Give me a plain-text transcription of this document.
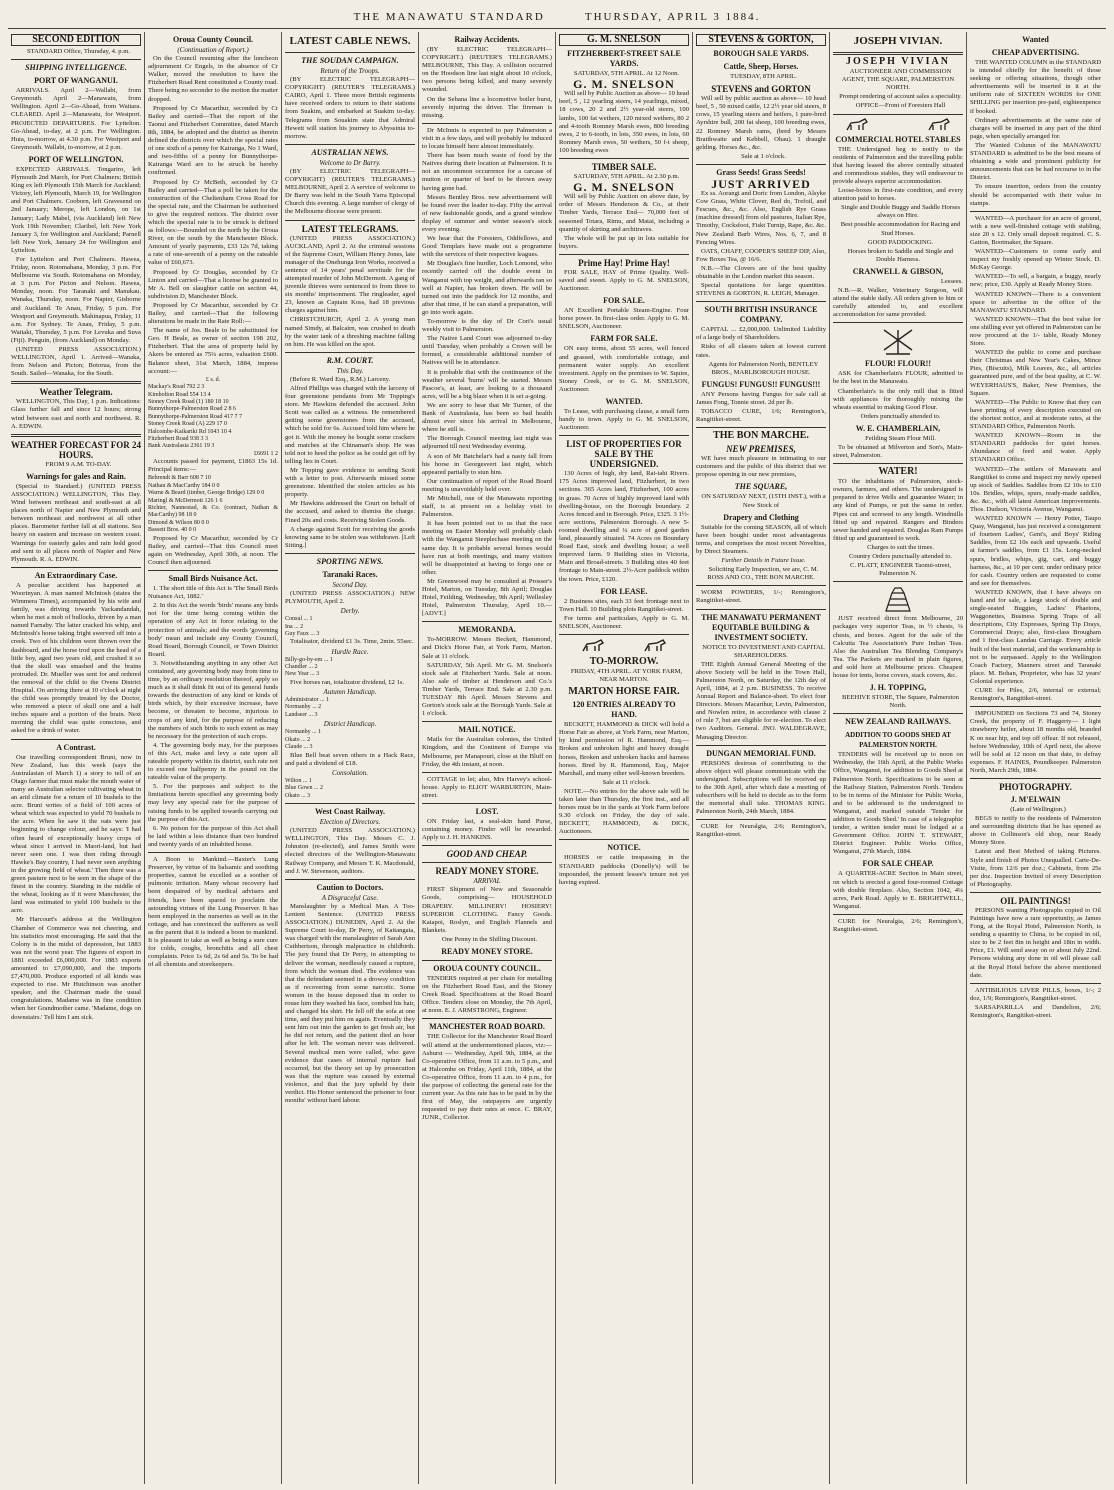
THE MANAWATU STANDARD	THURSDAY, APRIL 3 1884.
SECOND EDITION

STANDARD Office, Thursday, 4. p.m.

SHIPPING INTELLIGENCE.
PORT OF WANGANUI.

ARRIVALS. April 2—Wallabi, from Greymouth. April 2—Manawatu, from Wellington. April 2—Go-Ahead, from Waitara. CLEARED. April 2—Manawatu, for Westport. PROJECTED DEPARTURES. For Lyttelton. Go-Ahead, to-day, at 2 p.m. For Wellington. Huia, to-morrow, at 4.30 p.m. For Westport and Greymouth. Wallabi, to-morrow, at 2 p.m.

PORT OF WELLINGTON.

EXPECTED ARRIVALS. Tongariro, left Plymouth 2nd March, for Port Chalmers; British King ex left Plymouth 15th March for Auckland; Victory, left Plymouth, March 19, for Wellington and Port Chalmers. Cooborn, left Gravesend on 2nd January; Merope, left London, on 1st January; Lady Mabel, (via Auckland) left New York 19th November; Claribel, left New York January 3, for Wellington and Auckland; Parnell left New York, January 24 for Wellington and Lyttelton.

For Lyttelton and Port Chalmers. Hawea, Friday, noon. Rotomahana, Monday, 3 p.m. For Melbourne via South. Rotomahana on Monday, at 3 p.m. For Picton and Nelson. Hawea, Monday, noon. For Taranaki and Manukau. Wanaka, Thursday, noon. For Napier, Gisborne and Auckland. Te Anau, Friday, 5 p.m. For Westport and Greymouth. Mahinapua, Friday, 11 a.m. For Sydney. Te Anau, Friday, 5 p.m. Waitaki, Thursday, 5 p.m. For Levuka and Suva (Fiji). Penguin, (from Auckland) on Monday.

(UNITED PRESS ASSOCIATION.) WELLINGTON, April 1. Arrived—Wanaka, from Nelson and Picton; Botorua, from the South. Sailed—Wanaka, for the South.

Weather Telegram.

WELLINGTON, This Day, 1 p.m. Indications: Glass further fall and since 12 hours; strong wind between east and north and northwest. R. A. EDWIN.

WEATHER FORECAST FOR 24 HOURS.

FROM 9 A.M. TO-DAY.

Warnings for gales and Rain.

(Special to Standard.) (UNITED PRESS ASSOCIATION.) WELLINGTON, This Day. Wind between northeast and south-east at all places north of Napier and New Plymouth and between northeast and northwest at all other places. Barometer further fall at all stations. Sea heavy on eastern and increase on western coast. Warnings for easterly gales and rain hold good and sent to all places north of Napier and New Plymouth. R. A. EDWIN.

An Extraordinary Case.

A peculiar accident has happened at Woorinyan. A man named McIntosh (states the Wimmera Times), accompanied by his wife and family, was driving towards Yackandandah, when he met a mob of bullocks, driven by a man named Farnaby. The latter cracked his whip, and McIntosh's horse taking fright swerved off into a creek. Two of his children were thrown over the dashboard, and the horse trod upon the head of a little boy, aged two years old, and crushed it so that the skull was smashed and the brains protruded. Dr. Mueller was sent for and ordered the removal of the child to the Ovens District Hospital. On arriving there at 10 o'clock at night the child was promptly treated by the Doctor, who removed a piece of skull one and a half inches square and a portion of the brain. Next morning the child was quite conscious, and asked for a drink of water.

A Contrast.

Our travelling correspondent Bruni, now in New Zealand, has this week (says the Australasian of March 1) a story to tell of an Otago farmer that must make the mouth water of many an Australian selector cultivating wheat in an arid climate for a return of 10 bushels to the acre. Bruni writes of a field of 100 acres of wheat which was expected to yield 70 bushels to the acre. When he saw it the oats were just beginning to change colour, and he says: 'I had often heard of exceptionally heavy crops of wheat since I arrived in Maori-land, but had never seen one. I was then riding through Hawke's Bay country, I had never seen anything in the growing field of wheat.' Then there was a green pasture next to be seen in the shape of the finest in the country. Standing in the middle of the wheat, looking as if it were Manchester, the land was estimated to yield 100 bushels to the acre.

Mr Harcourt's address at the Wellington Chamber of Commerce was not cheering, and his statistics most encouraging. He said that the Colony is in the midst of depression, but 1883 was not the worst year. The figures of export in 1881 exceeded £6,000,000. For 1883 exports amounted to £7,090,000, and the imports £7,470,000. Produce exported of all kinds was expected to rise. Mr Hutchinson was another speaker, and the Chairman made the usual congratulations. Madame was in fine condition when her Grandmother came. 'Madame, dogs on downstairs.' Tell him I am sick.

Oroua County Council.
(Continuation of Report.)

On the Council resuming after the luncheon adjournment Cr Engels, in the absence of Cr Walker, moved the resolution to have the Fitzherbert Road Rent constituted a County road. There being no seconder to the motion the matter dropped.

Proposed by Cr Macarthur, seconded by Cr Bailey and carried—That the report of the Taonui and Fitzherbert Committee, dated March 8th, 1884, be adopted and the district as therein defined the districts over which the special rates of one sixth of a penny for Kairanga, No 1 Ward, and two-fifths of a penny for Bunnythorpe-Kairanga Ward are to be struck be hereby confirmed.

Proposed by Cr McBeth, seconded by Cr Bailey and carried—That a poll be taken for the construction of the Cheltenham Cross Road for the special rate, and the Chairman be authorised to give the required notices. The district over which the special rate is to be struck is defined as follows:—Bounded on the north by the Oroua River, on the south by the Manchester Block. Amount of yearly payments, £33 12s 7d, taking a rate of one-seventh of a penny on the rateable value of £60,673.

Proposed by Cr Douglas, seconded by Cr Linton and carried—That a license be granted to Mr A. Bell on slaughter cattle on section 44, subdivision D, Manchester Block.

Proposed by Cr Macarthur, seconded by Cr Bailey, and carried—That the following alterations be made in the Rate Roll:—

The name of Jos. Beale to be substituted for Geo. H Beale, as owner of section 198 202, Fitzherbert. That the area of property held by Akers be entered as 75¼ acres, valuation £600. Balance sheet, 31st March, 1884, impress account:—

£ s. d.
Mackay's Road 792 2 3
Kimbolton Road 554 13 4
Stoney Creek Road (1) 180 18 10
Bunnythorpe-Palmerston Road 2 8 6
Bunnythorpe-Palmerston Road 417 7 7
Stoney Creek Road (A) 229 17 0
Halcombe-Kaikariki Rd 1043 10 4
Fitzherbert Road 938 3 3
Bank Australasia 2361 19 3
£6691 1 2

Accounts passed for payment, £1863 15s 1d. Principal items:—

Behrendt & Barr 608 7 10
Nathan & MacCarthy 184 0 0
Warne & Beard (timber, George Bridge) 129 0 0
Maringl & McDermott 126 1 6
Richter, Nannestad, & Co. (contract, Nathan & MacCarthy) 98 18 0
Dimond & Wilson 80 0 0
Bassett Bros. 40 0 0

Proposed by Cr Macarthur, seconded by Cr Bailey, and carried—That this Council meet again on Wednesday, April 30th, at noon. The Council then adjourned.

Small Birds Nuisance Act.

1. The short title of this Act is 'The Small Birds Nuisance Act, 1882.'

2. In this Act the words 'birds' means any birds not for the time being coming within the operation of any Act in force relating to the protection of animals; and the words 'governing body' mean and include any County Council, Road Board, Borough Council, or Town District Board.

3. Notwithstanding anything in any other Act contained, any governing body may from time to time, by an ordinary resolution thereof, apply so much as it shall think fit out of its general funds towards the destruction of any kind or kinds of birds which, by their excessive increase, have become, or threaten to become, injurious to crops of any kind, for the purpose of reducing the numbers of such birds to such extent as may be necessary for the protection of such crops.

4. The governing body may, for the purposes of this Act, make and levy a rate upon all rateable property within its district, such rate not to exceed one halfpenny in the pound on the rateable value of the property.

5. For the purposes and subject to the limitations herein specified any governing body may levy any special rate for the purpose of raising funds to be applied towards carrying out the purpose of this Act.

6. No poison for the purpose of this Act shall be laid within a less distance than two hundred and twenty yards of an inhabited house.

A Boon to Mankind.—Baxter's Lung Preserver, by virtue of its balsamic and soothing properties, cannot be excelled as a soother of pulmonic irritation. Many whose recovery had been despaired of by medical advisers and friends, have been spared to proclaim the astounding virtues of the Lung Preserver. It has been employed in the nurseries as well as in the cottage, and has convinced the sufferers as well as the parent that it is indeed a boon to mankind. It is pleasant to take as well as being a sure cure for colds, coughs, bronchitis and all chest complaints. Price 1s 6d, 2s 6d and 5s. To be had of all chemists and storekeepers.

LATEST CABLE NEWS.
THE SOUDAN CAMPAIGN.
Return of the Troops.

(BY ELECTRIC TELEGRAPH—COPYRIGHT) (REUTER'S TELEGRAMS.) CAIRO, April 1. Three more British regiments have received orders to return to their stations from Suakim, and embarked at Suakim to-day. Telegrams from Souakim state that Admiral Hewett will station his journey to Abyssinia to-morrow.

AUSTRALIAN NEWS.
Welcome to Dr Barry.

(BY ELECTRIC TELEGRAPH—COPYRIGHT) (REUTER'S TELEGRAMS.) MELBOURNE, April 2. A service of welcome to Dr Barry was held in the South Yarra Episcopal Church this evening. A large number of clergy of the Melbourne diocese were present.

LATEST TELEGRAMS.

(UNITED PRESS ASSOCIATION.) AUCKLAND, April 2. At the criminal sessions of the Supreme Court, William Henry Jones, late manager of the Onehunga Iron Works, received a sentence of 14 years' penal servitude for the attempted murder of John McDermott. A gang of juvenile thieves were sentenced to from three to six months' imprisonment. The ringleader, aged 23, known as Captain Koss, had 18 previous charges against him.

CHRISTCHURCH, April 2. A young man named Simdy, at Balcairn, was crushed to death by the water tank of a threshing machine falling on him. He was killed on the spot.

R.M. COURT.
This Day.

(Before R. Ward Esq., R.M.) Larceny.

Alfred Phillips was charged with the larceny of four greenstone pendants from Mr Topping's store. Mr Hawkins defended the accused. John Scott was called as a witness. He remembered getting some greenstones from the accused, which he sold for 6s. Accused told him where he got it. With the money he bought some crackers and matches at the Chinaman's shop. He was told not to heed the police as he could get off by telling lies in Court.

Mr Topping gave evidence to sending Scott with a letter to post. Afterwards missed some greenstone. Identified the stolen articles as his property.

Mr Hawkins addressed the Court on behalf of the accused, and asked to dismiss the charge. Fined 20s and costs. Receiving Stolen Goods.

A charge against Scott for receiving the goods knowing same to be stolen was withdrawn. [Left Sitting.]

SPORTING NEWS.
Taranaki Races.
Second Day.

(UNITED PRESS ASSOCIATION.) NEW PLYMOUTH, April 2.

Derby.
Consul ... 1
Ina ... 2
Guy Faux ... 3

Totalisator, dividend £1 3s. Time, 2min. 55sec.

Hurdle Race.
Billy-go-by-em ... 1
Chandler ... 2
New Year ... 3

Five horses ran, totalizator dividend, £2 1s.

Autumn Handicap.
Administrator ... 1
Normanby ... 2
Landseer ... 3
District Handicap.
Normanby ... 1
Okato ... 2
Claude ... 3

Blue Bell beat seven others in a Hack Race, and paid a dividend of £18.

Consolation.
Wilton ... 1
Blue Gown ... 2
Okato ... 3
West Coast Railway.
Election of Directors.

(UNITED PRESS ASSOCIATION.) WELLINGTON, This Day. Messrs C. J. Johnston (re-elected), and James Smith were elected directors of the Wellington-Manawatu Railway Company, and Messrs T. K. Macdonald, and J. W. Stevenson, auditors.

Caution to Doctors.
A Disgraceful Case.

Manslaughter by a Medical Man. A Too-Lenient Sentence. (UNITED PRESS ASSOCIATION.) DUNEDIN, April 2. At the Supreme Court to-day, Dr Perry, of Kaitangata, was charged with the manslaughter of Sarah Ann Cuthbertson, through malpractice in childbirth. The jury found that Dr Perry, in attempting to deliver the woman, needlessly caused a rupture, from which the woman died. The evidence was that the defendant seemed in a drowsy condition as if recovering from some narcotic. Some women in the house deposed that in order to rouse him they washed his face, combed his hair, and changed his shirt. He fell off the sofa at one time, and they put him on again. Eventually they sent him out into the garden to get fresh air, but he did not return, and the patient died an hour after he left. The woman never was delivered. Several medical men were called, who gave evidence that cases of internal rupture had occurred, but the theory set up by prosecution was that the rupture was caused by external violence, and that the jury upheld by their verdict. His Honor sentenced the prisoner to four months' without hard labour.

Railway Accidents.

(BY ELECTRIC TELEGRAPH—COPYRIGHT.) (REUTER'S TELEGRAMS.) MELBOURNE, This Day. A collision occurred on the Hoodson line last night about 10 o'clock, two persons being killed, and many severely wounded.

On the Sebana line a locomotive boiler burst, severely injuring the driver. The fireman is missing.

Dr McInnis is expected to pay Palmerston a visit in a few days, and will probably be induced to locate himself here almost immediately.

There has been much waste of food by the Natives during their location at Palmerston. It is not an uncommon occurrence for a carcase of mutton or quarter of beef to be thrown away having gone bad.

Messrs Bentley Bros. new advertisement will be found over the leader to-day. Fifty the arrival of new fashionable goods, and a grand window display of summer and winter season's stock every evening.

We hear that the Foresters, Oddfellows, and Good Templars have made out a programme with the services of their respective leagues.

Mr Douglas's fine hurdler, Loch Lomond, who recently carried off the double event in Wanganui with top weight, and afterwards ran so well at Napier, has broken down. He will be turned out into the paddock for 12 months, and after that time, if he can stand a preparation, will go into work again.

To-morrow is the day of Dr Cori's usual weekly visit to Palmerston.

The Native Land Court was adjourned to-day until Tuesday, when probably a Crown will be formed, a considerable additional number of Natives will be in attendance.

It is probable that with the continuance of the weather several 'burns' will be started. Messrs Pascoe's, at least, are looking to a thousand acres, will be a big blaze when it is set a-going.

We are sorry to hear that Mr Turner, of the Bank of Australasia, has been so bad health almost ever since his arrival in Melbourne, where he still is.

The Borough Council meeting last night was adjourned till next Wednesday evening.

A son of Mr Batchelar's had a nasty fall from his horse in Georgesvert last night, which appeared partially to stun him.

Our continuation of report of the Road Board meeting is unavoidably held over.

Mr Mitchell, one of the Manawatu reporting staff, is at present on a holiday visit to Palmerston.

It has been pointed out to us that the race meeting on Easter Monday will probably clash with the Wanganui Steeplechase meeting on the same day. It is probable several horses would have run at both meetings, and many visitors will be disappointed at having to forgo one or other.

Mr Greenwood may be consulted at Prosser's Hotel, Marton, on Tuesday, 8th April; Douglas Hotel, Feilding, Wednesday, 9th April; Wellesley Hotel, Palmerston Thursday, April 10.—[ADVT.]

MEMORANDA.

To-MORROW. Messrs Beckett, Hammond, and Dick's Horse Fair, at York Farm, Marton. Sale at 11 o'clock.

SATURDAY, 5th April. Mr G. M. Snelson's stock sale at Fitzherbert Yards. Sale at noon. Also sale of timber at Henderson and Co.'s Timber Yards, Terrace End. Sale at 2.30 p.m. TUESDAY 8th April. Messrs Stevens and Gorton's stock sale at the Borough Yards. Sale at 1 o'clock.

MAIL NOTICE.

Mails for the Australian colonies, the United Kingdom, and the Continent of Europe via Melbourne, per Manapouri, close at the Bluff on Friday, the 4th instant, at noon.

COTTAGE to let; also, Mrs Harvey's school-house. Apply to ELIOT WARBURTON, Main-street.

LOST.

ON Friday last, a seal-skin hand Purse, containing money. Finder will be rewarded. Apply to J. H. HANKINS.

GOOD AND CHEAP.
READY MONEY STORE.
ARRIVAL

FIRST Shipment of New and Seasonable Goods, comprising— HOUSEHOLD DRAPERY. MILLINERY! HOSIERY! SUPERIOR CLOTHING. Fancy Goods. Kaiapoi, Roslyn, and English Flannels and Blankets.

One Penny in the Shilling Discount.

READY MONEY STORE.
OROUA COUNTY COUNCIL.

TENDERS required at per chain for metalling on the Fitzherbert Road East, and the Stoney Creek Road. Specifications at the Road Board Office. Tenders close on Monday, the 7th April, at noon. E. J. ARMSTRONG, Engineer.

MANCHESTER ROAD BOARD.

THE Collector for the Manchester Road Board will attend at the undermentioned places, viz:— Ashurst — Wednesday, April 9th, 1884, at the Co-operative Office, from 11 a.m. to 5 p.m., and at Halcombe on Friday, April 11th, 1884, at the Co-operative Office, from 11 a.m. to 4 p.m., for the purpose of collecting the general rate for the current year. As this rate has to be paid in by the first of May, the ratepayers are urgently requested to pay their rates at once. C. BRAY, JUNR., Collector.

G. M. SNELSON
FITZHERBERT-STREET SALE YARDS.

SATURDAY, 5TH APRIL. At 12 Noon.

G. M. SNELSON

Will sell by Public Auction as above— 10 head beef, 5 , 12 yearling steers, 14 yearlings, mixed, 18 cows, 20 2 and 2½ year-old steers, 100 lambs, 100 fat wethers, 120 mixed wethers, 80 2 and 4-tooth Romney Marsh ewes, 800 breeding ewes, 2 to 6-tooth, in lots, 350 ewes, in lots, 60 Romney Marsh ewes, 50 wethers, 50 f-t sheep, 100 breeding ewes

TIMBER SALE.

SATURDAY, 5TH APRIL. At 2.30 p.m.

G. M. SNELSON

Will sell by Public Auction on above date, by order of Messrs Henderson & Co., at their Timber Yards, Terrace End— 70,000 feet of seasoned Totara, Rimu, and Matai, including a quantity of skirting and architraves.

The whole will be put up in lots suitable for buyers.

Prime Hay! Prime Hay!

FOR SALE, HAY of Prime Quality. Well-saved and sweet. Apply to G. M. SNELSON, Auctioneer.

FOR SALE.

AN Excellent Portable Steam-Engine. Four horse power. In first-class order. Apply to G. M. SNELSON, Auctioneer.

FARM FOR SALE.

ON easy terms, about 55 acres, well fenced and grassed, with comfortable cottage, and permanent water supply. An excellent investment. Apply on the premises to W. Squire, Stoney Creek, or to G. M. SNELSON, Auctioneer.

WANTED.

To Lease, with purchasing clause, a small farm handy to town. Apply to G. M. SNELSON, Auctioneer.

LIST OF PROPERTIES FOR SALE BY THE UNDERSIGNED.

130 Acres of high, dry land, Rai-tahi Rivers. 175 Acres improved land, Fitzherbert, in two sections. 365 Acres land, Fitzherbert, 100 acres in grass. 70 Acres of highly improved land with dwelling-house, on the Borough boundary. 2 Acres fenced and in Borough. Price, £325. 3 1½-acre sections, Palmerston Borough. A new 5-roomed dwelling and ¼ acre of good garden land, pleasantly situated. 74 Acres on Boundary Road East, stock and dwelling house; a well improved farm. 9 Building sites in Victoria, Main and Broad-streets. 3 Building sites 40 feet frontage to Main-street. 2½-Acre paddock within the town. Price, £120.

FOR LEASE.

2 Business sites, each 33 feet frontage next to Town Hall. 10 Building plots Rangitikei-street.

For terms and particulars, Apply to G. M. SNELSON, Auctioneer.

TO-MORROW.

FRIDAY, 4TH APRIL. AT YORK FARM, NEAR MARTON.

MARTON HORSE FAIR.
120 ENTRIES ALREADY TO HAND.

BECKETT, HAMMOND & DICK will hold a Horse Fair as above, at York Farm, near Marton, by kind permission of R. Hammond, Esq.— Broken and unbroken light and heavy draught horses, Broken and unbroken hacks and harness horses. Bred by R. Hammond, Esq., Major Marshall, and many other well-known breeders.

Sale at 11 o'clock.

NOTE.—No entries for the above sale will be taken later than Thursday, the first inst., and all horses must be in the yards at York Farm before 9.30 o'clock on Friday, the day of sale. BECKETT, HAMMOND, & DICK, Auctioneers.

NOTICE.

HORSES or cattle trespassing in the STANDARD paddocks (Donelly's) will be impounded, the present lessee's tenure not yet having expired.

STEVENS & GORTON,
BOROUGH SALE YARDS.
Cattle, Sheep, Horses.

TUESDAY, 8TH APRIL.

STEVENS and GORTON

Will sell by public auction as above— 10 head beef, 5 , 50 mixed cattle, 12 2½ year old steers, 8 cows, 15 yearling steers and heifers, 1 pure-bred Ayrshire bull, 200 fat sheep, 100 breeding ewes, 22 Romney Marsh rams, (bred by Messrs Braithwaite and Kebbell, Ohau). 1 draught gelding. Horses &c., &c.

Sale at 1 o'clock.

Grass Seeds! Grass Seeds!
JUST ARRIVED

Ex ss. Aorangi and Doric from London, Alsyke Cow Grass, White Clover, Red do, Trefoil, and Fescues, &c., &c. Also, English Rye Grass (machine dressed) from old pastures, Italian Rye, Timothy, Cocksfoot, Fiskt Turnip, Rape, &c. &c. New Zealand Barb Wires, Nos. 6, 7, and 8 Fencing Wires.

OATS, CHAFF, COOPER'S SHEEP DIP, Also, Fow Boxes Tea, @ 16/6.

N.B.—The Clovers are of the best quality obtainable in the London market this season.

Special quotations for large quantities. STEVENS & GORTON, R. LEIGH, Manager.

SOUTH BRITISH INSURANCE COMPANY.

CAPITAL ... £2,000,000. Unlimited Liability of a large body of Shareholders.

Risks of all classes taken at lowest current rates.

Agents for Palmerston North, BENTLEY BROS., MARLBOROUGH HOUSE.

FUNGUS! FUNGUS!! FUNGUS!!!

ANY Persons having Fungus for sale call at James Fong, Tonnie street. 2d per lb.

TOBACCO CURE, 1/6; Remington's, Rangitikei-street.

THE BON MARCHE.
NEW PREMISES,

WE have much pleasure in intimating to our customers and the public of this district that we propose opening in our new premises,

THE SQUARE,

ON SATURDAY NEXT, (15TH INST.), with a New Stock of

Drapery and Clothing

Suitable for the coming SEASON, all of which have been bought under most advantageous terms, and comprises the most recent Novelties, by Direct Steamers.

Further Details in Future Issue.

Soliciting Early Inspection, we are, C. M. ROSS AND CO., THE BON MARCHE.

WORM POWDERS, 1/-; Remington's, Rangitikei-street.

THE MANAWATU PERMANENT EQUITABLE BUILDING & INVESTMENT SOCIETY.

NOTICE TO INVESTMENT AND CAPITAL SHAREHOLDERS.

THE Eighth Annual General Meeting of the above Society will be held in the Town Hall, Palmerston North, on Saturday, the 12th day of April, 1884, at 2 p.m. BUSINESS. To receive Annual Report and Balance-sheet. To elect four Directors. Messrs Macarthur, Levin, Palmerston, and Nowlen retire, in accordance with clause 2 of rule 7, but are eligible for re-election. To elect two Auditors. General. JNO. WALDEGRAVE, Managing Director.

DUNGAN MEMORIAL FUND.

PERSONS desirous of contributing to the above object will please communicate with the undersigned. Subscriptions will be received up to the 30th April, after which date a meeting of subscribers will be held to decide as to the form the memorial shall take. THOMAS KING. Palmerston North, 24th March, 1884.

CURE for Neuralgia, 2/6; Remington's, Rangitikei-street.

JOSEPH VIVIAN.
JOSEPH VIVIAN

AUCTIONEER AND COMMISSION AGENT, THE SQUARE, PALMERSTON NORTH.

Prompt rendering of account sales a speciality.

OFFICE—Front of Foresters Hall

COMMERCIAL HOTEL STABLES

THE Undersigned beg to notify to the residents of Palmerston and the travelling public that having leased the above centrally situated and commodious stables, they will endeavour to provide always superior accommodation.

Loose-boxes in first-rate condition, and every attention paid to horses.

Single and Double Buggy and Saddle Horses always on Hire.

Best possible accommodation for Racing and Stud Horses.

GOOD PADDOCKING.

Horses broken to Saddle and Single and Double Harness.

CRANWELL & GIBSON,

Lessees.

N.B.—R. Walker, Veterinary Surgeon, will attend the stable daily. All orders given to him or carefully attended to, and excellent accommodation for same provided.

FLOUR! FLOUR!!

ASK for Chamberlain's FLOUR, admitted to be the best in the Manawatu.

Chamberlain's is the only mill that is fitted with appliances for thoroughly mixing the wheats essential to making Good Flour.

Orders punctually attended to.

W. E. CHAMBERLAIN,

Feilding Steam Flour Mill.

To be obtained at Milverton and Son's, Main-street, Palmerston.

WATER!

TO the inhabitants of Palmerston, stock-owners, farmers, and others. The undersigned is prepared to drive Wells and guarantee Water; in any kind of Pumps, or put the same in order. Pipes cut and screwed to any length. Windmills fitted up and repaired. Rangers and Binders sewer handed and repaired. Douglas Ram Pumps fitted up and guaranteed to work.

Charges to suit the times.

Country Orders punctually attended to.

C. PLATT, ENGINEER Taonui-street, Palmerston N.

JUST received direct from Melbourne, 20 packages very superior Teas, in ½ chests, ¼ chests, and boxes. Agent for the sale of the Calcutta Tea Association's Pure Indian Teas. Also the Australian Tea Blending Company's Tea. The Packets are marked in plain figures, and sold here at Melbourne prices. Cheapest house for tents, horse covers, stack covers, &c.

J. H. TOPPING,

BEEHIVE STORE, The Square, Palmerston North.

NEW ZEALAND RAILWAYS.
ADDITION TO GOODS SHED AT PALMERSTON NORTH.

TENDERS will be received up to noon on Wednesday, the 16th April, at the Public Works Office, Wanganui, for addition to Goods Shed at Palmerston North. Specifications to be seen at the Railway Station, Palmerston North. Tenders to be in terms of the Minister for Public Works, and to be addressed to the undersigned to Wanganui, and marked outside 'Tender for addition to Goods Shed.' In case of a telegraphic tender, a written tender must be lodged at a Government Office. JOHN T. STEWART, District Engineer. Public Works Office, Wanganui, 27th March, 1884.

FOR SALE CHEAP.

A QUARTER-ACRE Section in Main street, on which is erected a good four-roomed Cottage with double fireplace. Also, Section 1042, 4¼ acres, Park Road. Apply to E. BRIGHTWELL, Wanganui.

CURE for Neuralgia, 2/6; Remington's, Rangitikei-street.

Wanted
CHEAP ADVERTISING.

THE WANTED COLUMN in the STANDARD is intended chiefly for the benefit of those seeking or offering situations, though other advertisements will be inserted in it at the uniform rate of SIXTEEN WORDS for ONE SHILLING per insertion pre-paid, eighteenpence if booked.

Ordinary advertisements at the same rate of charges will be inserted in any part of the third page, when specially arranged for.

The Wanted Column of the MANAWATU STANDARD is admitted to be the best means of obtaining a wide and prominent publicity for announcements that can be had recourse to in the District.

To ensure insertion, orders from the country should be accompanied with their value in stamps.

WANTED—A purchaser for an acre of ground, with a new well-finished cottage with stabling, size 20 x 12. Only small deposit required. C. S. Gatton, Bootmaker, the Square.

WANTED—Customers to come early and inspect my freshly opened up Winter Stock. D. McKay George.

WANTED—To sell, a bargain, a buggy, nearly new; price, £30. Apply at Ready Money Store.

WANTED KNOWN—There is a convenient space to advertise in the office of the MANAWATU STANDARD.

WANTED KNOWN—That the best value for one shilling ever yet offered in Palmerston can be now procured at the 1/- table, Ready Money Store.

WANTED the public to come and purchase their Christmas and New Year's Cakes, Mince Pies, (Biscuits), Milk Loaves, &c., all articles guaranteed pure, and of the best quality, at C. W. WEYERHAUS'S, Baker, New Premises, the Square.

WANTED—The Public to Know that they can have printing of every description executed on the shortest notice, and at moderate rates, at the STANDARD Office, Palmerston North.

WANTED KNOWN—Room in the STANDARD paddocks for quiet horses. Abundance of feed and water. Apply STANDARD Office.

WANTED—The settlers of Manawatu and Rangitikei to come and inspect my newly opened up stock of Saddles. Saddles from £2 10s to £10 10s. Bridles, whips, spurs, ready-made saddles, &c. &c., with all latest American improvements. Thos. Dudson, Victoria Avenue, Wanganui.

WANTED KNOWN — Henry Potter, Taupo Quay, Wanganui, has just received a consignment of fourteen Ladies', Gent's, and Boys' Riding Saddles, from £2 10s each and upwards. Useful at farmer's saddles, from £1 15s. Long-necked spurs, bridles, whips, gig, cart, and buggy harness, &c., at 10 per cent. under ordinary price for cash. Country orders are requested to come and see for themselves.

WANTED KNOWN, that I have always on hand and for sale, a large stock of double and single-seated Buggies, Ladies' Phaetons, Waggonettes, Business Spring Traps of all descriptions, City Expresses, Spring Tip Drays, Commercial Drays; also, first-class Brougham and 1 first-class Landau Carriage. Every article built of the best material, and the workmanship is not to be surpassed. Apply to the Wellington Coach Factory, Manners street and Taranaki place. M. Bohan, Proprietor, who has 32 years' Colonial experience.

CURE for Piles, 2/6, internal or external; Remington's, Rangitikei-street.

IMPOUNDED on Sections 73 and 74, Stoney Creek, the property of F. Haggerty— 1 light strawberry heifer, about 18 months old, branded K on near hip, and top off offear. If not released, before Wednesday, 10th of April next, the above will be sold at 12 noon on that date, to defray expenses. F. HAINES, Poundkeeper. Palmerston North, March 29th, 1884.

PHOTOGRAPHY.
J. M'ELWAIN

(Late of Wellington.)

BEGS to notify to the residents of Palmerston and surrounding districts that he has opened as above in Collinson's old shop, near Ready Money Store.

Latest and Best Method of taking Pictures. Style and finish of Photos Unequalled. Carte-De-Visite, from 12/6 per doz.; Cabinets, from 25s per doz. Inspection Invited of every Description of Photography.

OIL PAINTINGS!

PERSONS wanting Photographs copied to Oil Paintings have now a rare opportunity, as James Fong, at the Royal Hotel, Palmerston North, is sending a quantity to China, to be copied in oil, size to be 2 feet 8in in height and 18in in width. Price, £1. Will send away on or about July 22nd. Persons wishing any done in oil will please call at the Royal Hotel before the above mentioned date.

ANTIBILIOUS LIVER PILLS, boxes, 1/-; 2 doz, 1/9; Remington's, Rangitikei-street.

SARSAPARILLA and Dandelion, 2/6; Remington's, Rangitikei-street.
